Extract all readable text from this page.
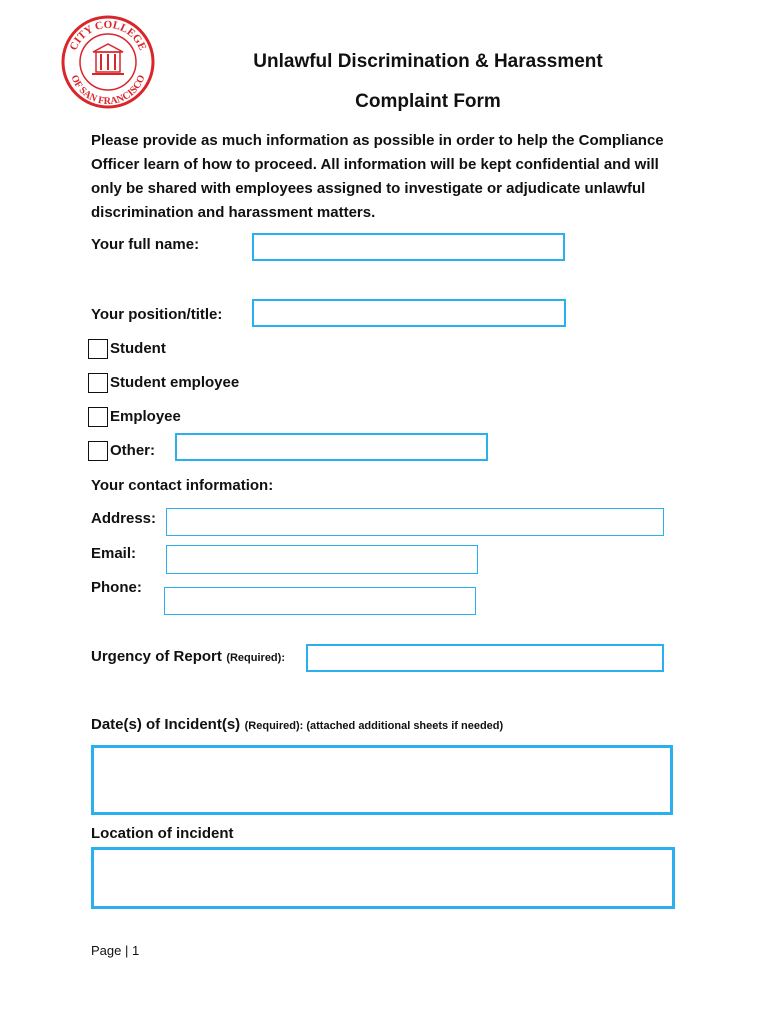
CITY COLLEGE
OF SAN FRANCISCO
Unlawful Discrimination & Harassment
Complaint Form
Please provide as much information as possible in order to help the Compliance Officer learn of how to proceed. All information will be kept confidential and will only be shared with employees assigned to investigate or adjudicate unlawful discrimination and harassment matters.
Your full name:
Your position/title:
Student
Student employee
Employee
Other:
Your contact information:
Address:
Email:
Phone:
Urgency of Report (Required):
Date(s) of Incident(s) (Required): (attached additional sheets if needed)
Location of incident
Page | 1
